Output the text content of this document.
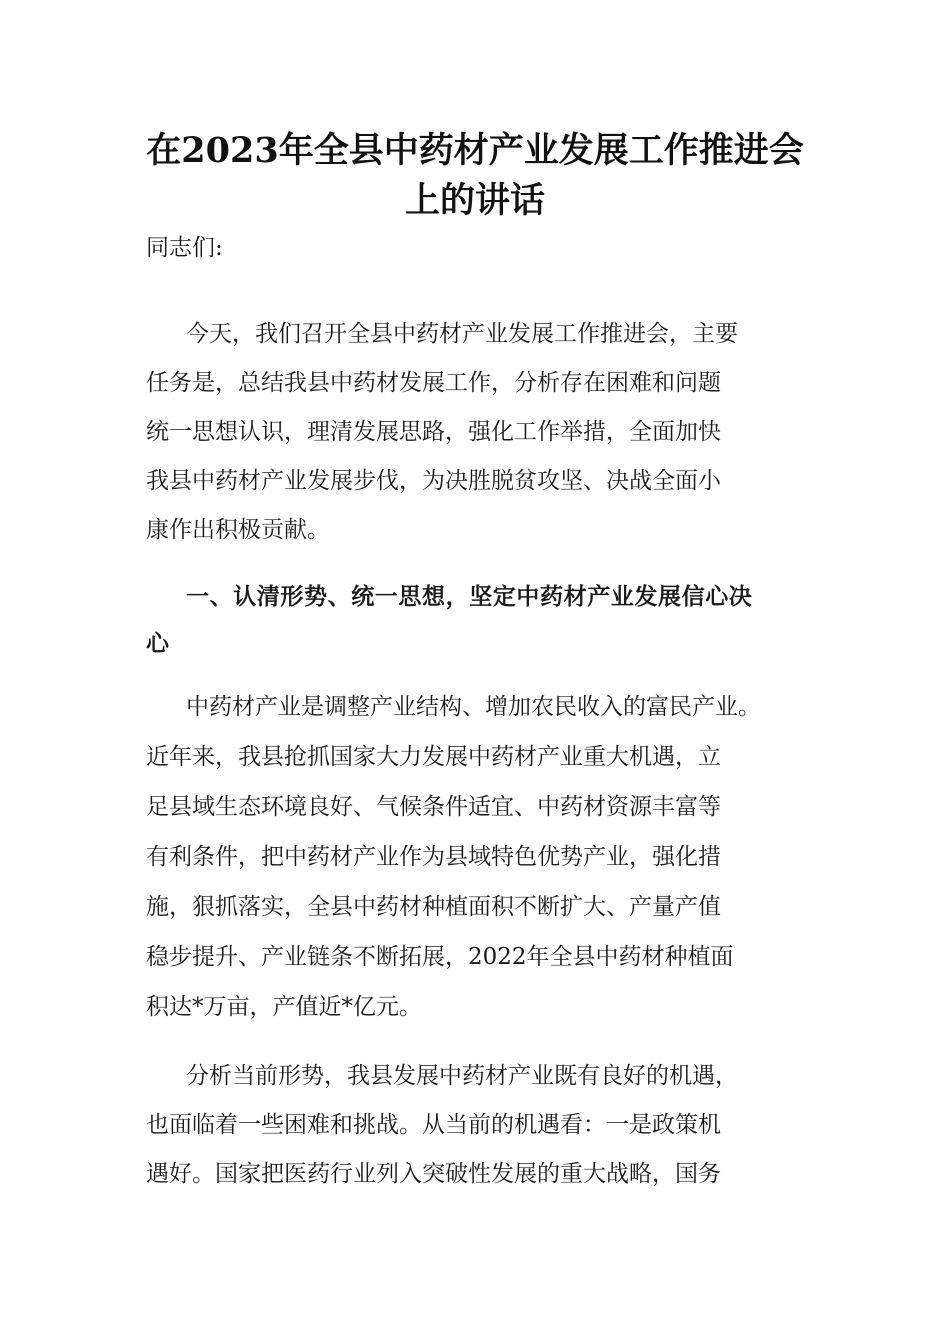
在2023年全县中药材产业发展工作推进会
上的讲话
同志们:
今天，我们召开全县中药材产业发展工作推进会，主要
任务是，总结我县中药材发展工作，分析存在困难和问题
统一思想认识，理清发展思路，强化工作举措，全面加快
我县中药材产业发展步伐，为决胜脱贫攻坚、决战全面小
康作出积极贡献。
一、认清形势、统一思想，坚定中药材产业发展信心决
心
中药材产业是调整产业结构、增加农民收入的富民产业。
近年来，我县抢抓国家大力发展中药材产业重大机遇，立
足县域生态环境良好、气候条件适宜、中药材资源丰富等
有利条件，把中药材产业作为县域特色优势产业，强化措
施，狠抓落实，全县中药材种植面积不断扩大、产量产值
稳步提升、产业链条不断拓展，2022年全县中药材种植面
积达*万亩，产值近*亿元。
分析当前形势，我县发展中药材产业既有良好的机遇，
也面临着一些困难和挑战。从当前的机遇看：一是政策机
遇好。国家把医药行业列入突破性发展的重大战略，国务
